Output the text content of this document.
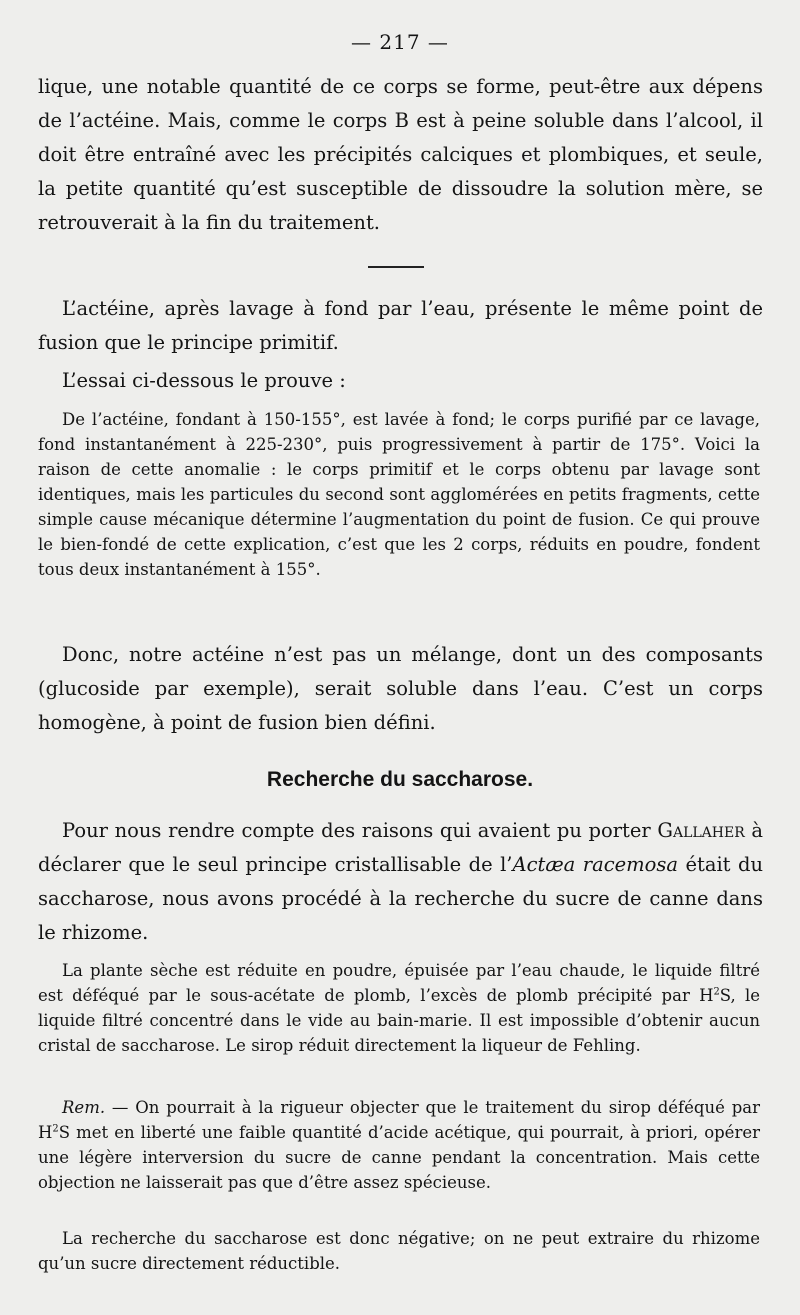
— 217 —

lique, une notable quantité de ce corps se forme, peut-être aux dépens de l’actéine. Mais, comme le corps B est à peine soluble dans l’alcool, il doit être entraîné avec les précipités calciques et plombiques, et seule, la petite quantité qu’est susceptible de dissoudre la solution mère, se retrouverait à la fin du traitement.

L’actéine, après lavage à fond par l’eau, présente le même point de fusion que le principe primitif.

L’essai ci-dessous le prouve :

De l’actéine, fondant à 150-155°, est lavée à fond; le corps purifié par ce lavage, fond instantanément à 225-230°, puis progressivement à partir de 175°. Voici la raison de cette anomalie : le corps primitif et le corps obtenu par lavage sont identiques, mais les particules du second sont agglomérées en petits fragments, cette simple cause mécanique détermine l’augmentation du point de fusion. Ce qui prouve le bien-fondé de cette explication, c’est que les 2 corps, réduits en poudre, fondent tous deux instantanément à 155°.

Donc, notre actéine n’est pas un mélange, dont un des composants (glucoside par exemple), serait soluble dans l’eau. C’est un corps homogène, à point de fusion bien défini.

Recherche du saccharose.

Pour nous rendre compte des raisons qui avaient pu porter Gallaher à déclarer que le seul principe cristallisable de l’Actæa racemosa était du saccharose, nous avons procédé à la recherche du sucre de canne dans le rhizome.

La plante sèche est réduite en poudre, épuisée par l’eau chaude, le liquide filtré est déféqué par le sous-acétate de plomb, l’excès de plomb précipité par $H^2S$, le liquide filtré concentré dans le vide au bain-marie. Il est impossible d’obtenir aucun cristal de saccharose. Le sirop réduit directement la liqueur de Fehling.

Rem. — On pourrait à la rigueur objecter que le traitement du sirop déféqué par $H^2S$ met en liberté une faible quantité d’acide acétique, qui pourrait, à priori, opérer une légère interversion du sucre de canne pendant la concentration. Mais cette objection ne laisserait pas que d’être assez spécieuse.

La recherche du saccharose est donc négative; on ne peut extraire du rhizome qu’un sucre directement réductible.
